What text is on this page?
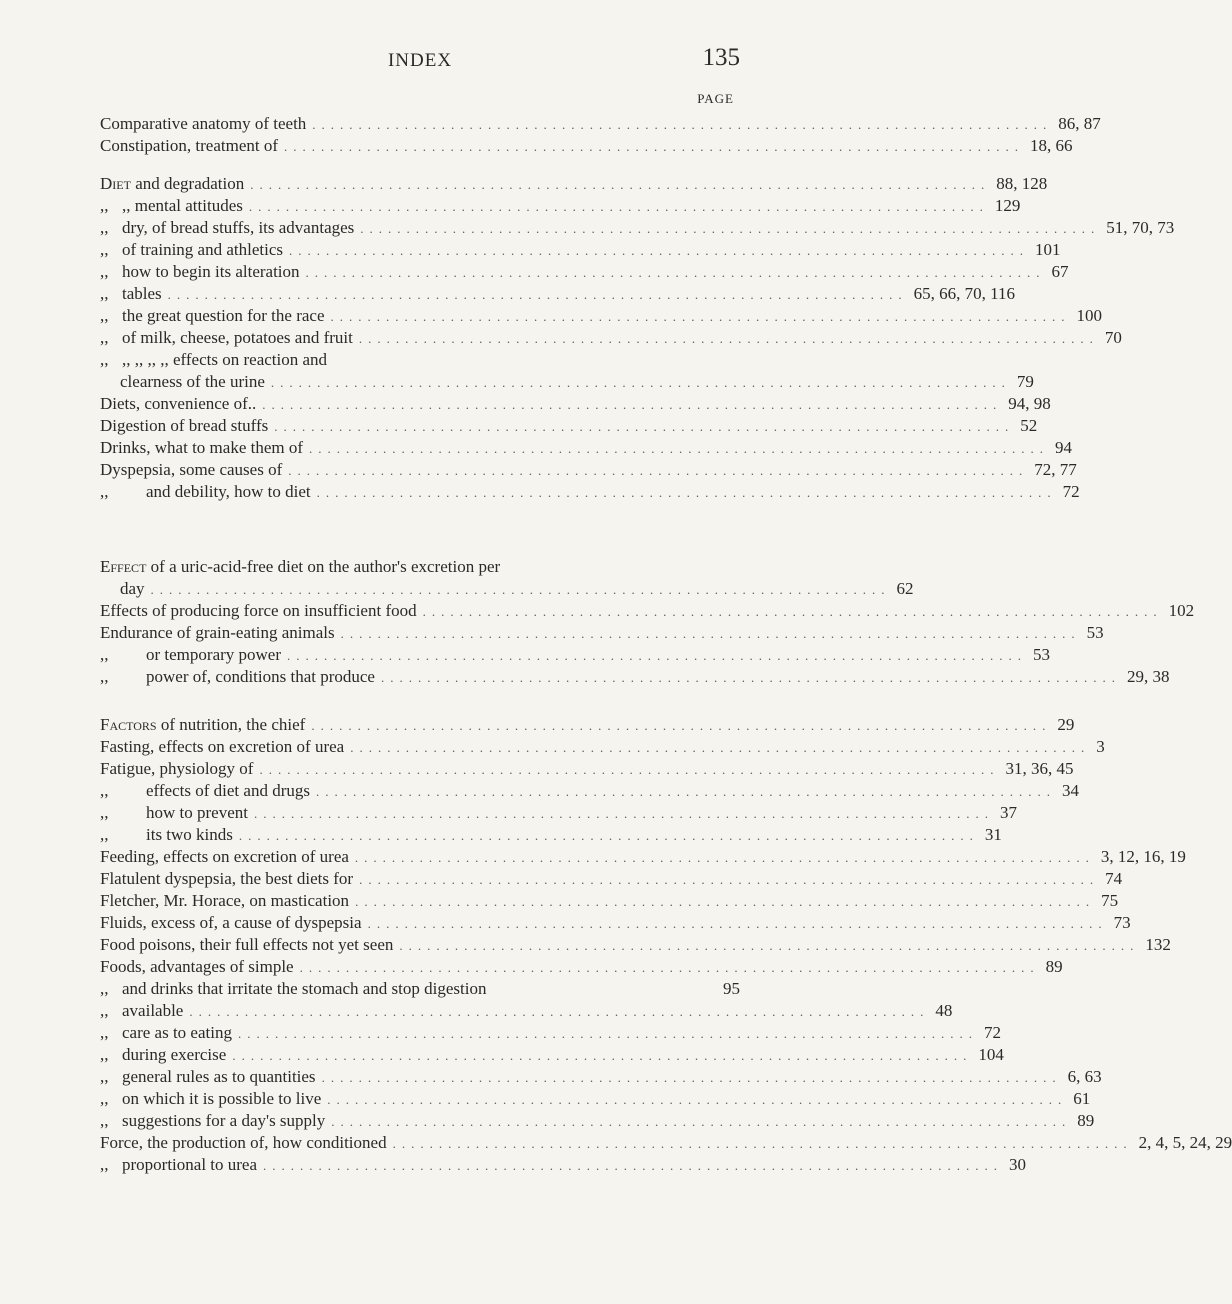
INDEX	135
PAGE
Comparative anatomy of teeth ................................................................................ 86, 87
Constipation, treatment of ................................................................................ 18, 66
Diet and degradation ................................................................................ 88, 128
,, ,, mental attitudes ................................................................................ 129
,, dry, of bread stuffs, its advantages ................................................................................ 51, 70, 73
,, of training and athletics ................................................................................ 101
,, how to begin its alteration ................................................................................ 67
,, tables ................................................................................ 65, 66, 70, 116
,, the great question for the race ................................................................................ 100
,, of milk, cheese, potatoes and fruit ................................................................................ 70
,, ,, ,, ,, ,, effects on reaction and
clearness of the urine ................................................................................ 79
Diets, convenience of.. ................................................................................ 94, 98
Digestion of bread stuffs ................................................................................ 52
Drinks, what to make them of ................................................................................ 94
Dyspepsia, some causes of ................................................................................ 72, 77
,, and debility, how to diet ................................................................................ 72
Effect of a uric-acid-free diet on the author's excretion per
day ................................................................................ 62
Effects of producing force on insufficient food ................................................................................ 102
Endurance of grain-eating animals ................................................................................ 53
,, or temporary power ................................................................................ 53
,, power of, conditions that produce ................................................................................ 29, 38
Factors of nutrition, the chief ................................................................................ 29
Fasting, effects on excretion of urea ................................................................................ 3
Fatigue, physiology of ................................................................................ 31, 36, 45
,, effects of diet and drugs ................................................................................ 34
,, how to prevent ................................................................................ 37
,, its two kinds ................................................................................ 31
Feeding, effects on excretion of urea ................................................................................ 3, 12, 16, 19
Flatulent dyspepsia, the best diets for ................................................................................ 74
Fletcher, Mr. Horace, on mastication ................................................................................ 75
Fluids, excess of, a cause of dyspepsia ................................................................................ 73
Food poisons, their full effects not yet seen ................................................................................ 132
Foods, advantages of simple ................................................................................ 89
,, and drinks that irritate the stomach and stop digestion	95
,, available ................................................................................ 48
,, care as to eating ................................................................................ 72
,, during exercise ................................................................................ 104
,, general rules as to quantities ................................................................................ 6, 63
,, on which it is possible to live ................................................................................ 61
,, suggestions for a day's supply ................................................................................ 89
Force, the production of, how conditioned ................................................................................ 2, 4, 5, 24, 29
,, proportional to urea ................................................................................ 30
